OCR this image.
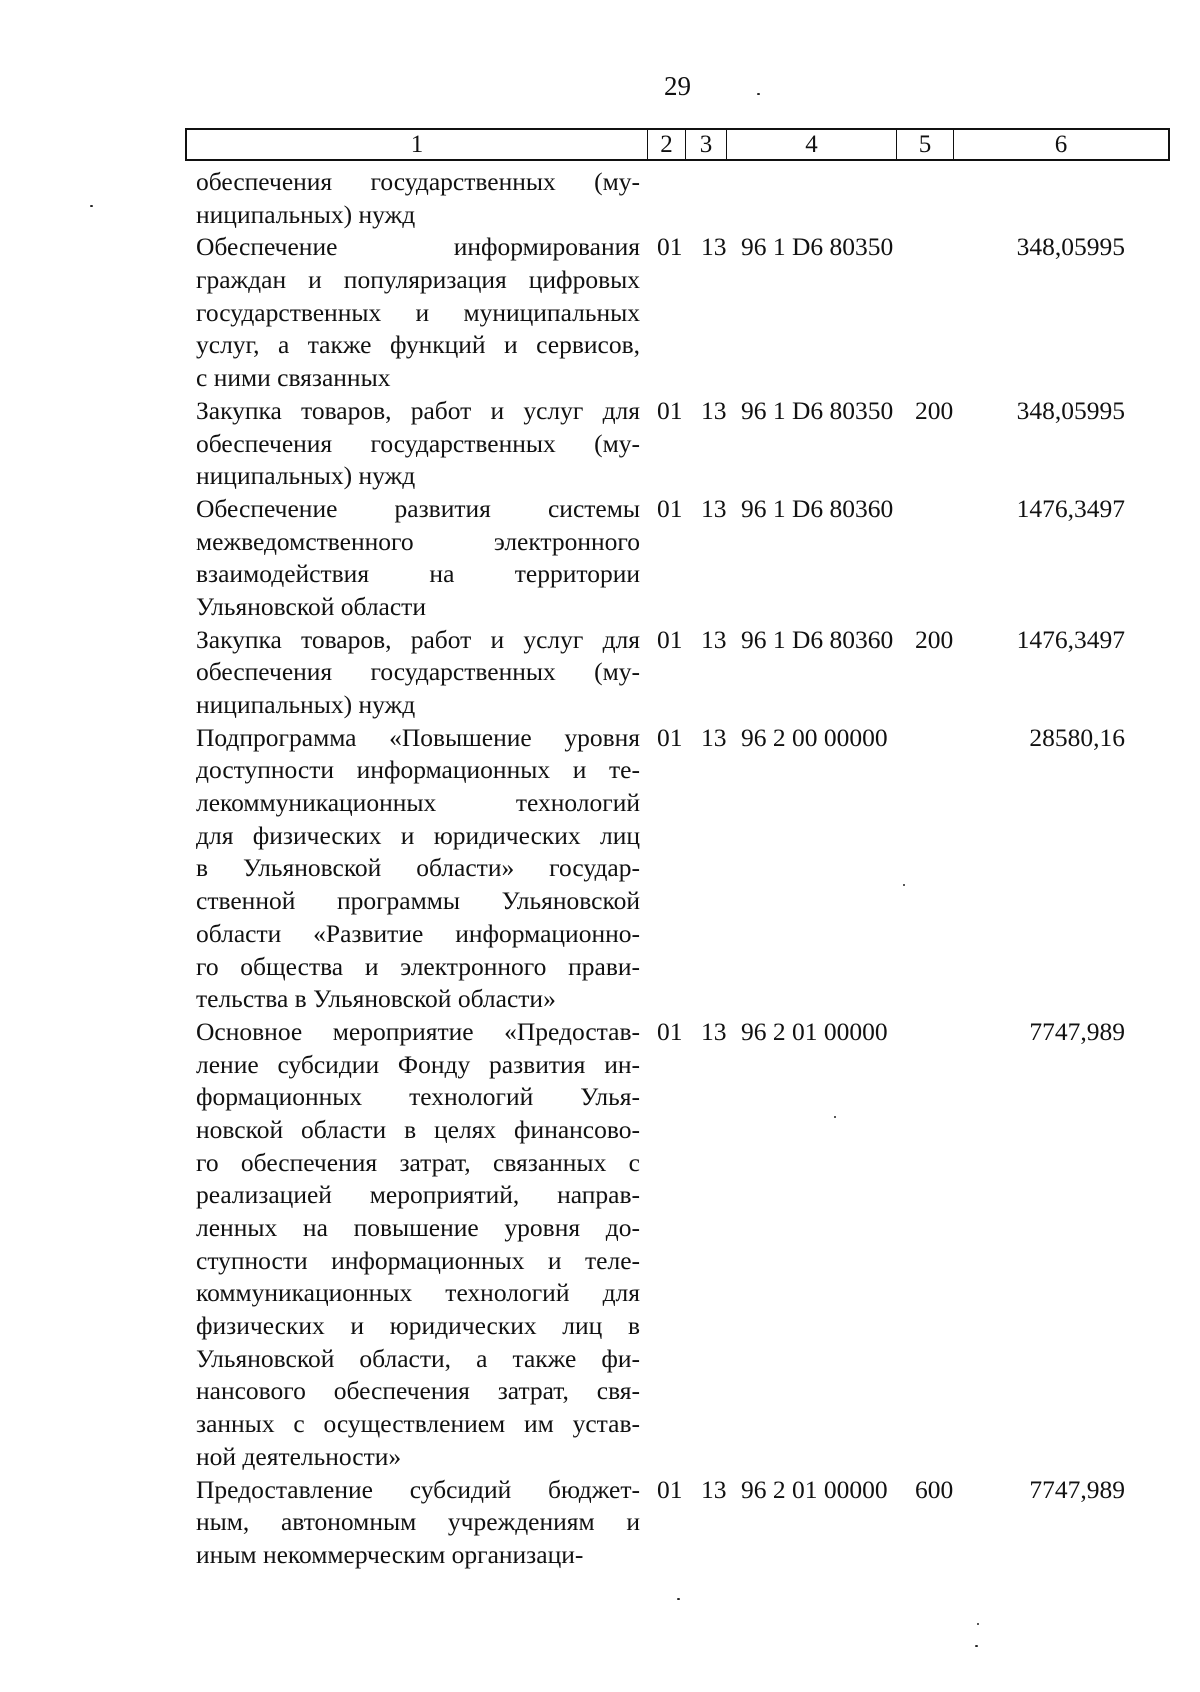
29
1	2	3	4	5	6
обеспечения государственных (му-
ниципальных) нужд
Обеспечение информирования
граждан и популяризация цифровых
государственных и муниципальных
услуг, а также функций и сервисов,
с ними связанных
01 13 96 1 D6 80350	348,05995
Закупка товаров, работ и услуг для
обеспечения государственных (му-
ниципальных) нужд
01 13 96 1 D6 80350 200 348,05995
Обеспечение развития системы
межведомственного электронного
взаимодействия на территории
Ульяновской области
01 13 96 1 D6 80360	1476,3497
Закупка товаров, работ и услуг для
обеспечения государственных (му-
ниципальных) нужд
01 13 96 1 D6 80360 200 1476,3497
Подпрограмма «Повышение уровня
доступности информационных и те-
лекоммуникационных технологий
для физических и юридических лиц
в Ульяновской области» государ-
ственной программы Ульяновской
области «Развитие информационно-
го общества и электронного прави-
тельства в Ульяновской области»
01 13 96 2 00 00000	28580,16
Основное мероприятие «Предостав-
ление субсидии Фонду развития ин-
формационных технологий Улья-
новской области в целях финансово-
го обеспечения затрат, связанных с
реализацией мероприятий, направ-
ленных на повышение уровня до-
ступности информационных и теле-
коммуникационных технологий для
физических и юридических лиц в
Ульяновской области, а также фи-
нансового обеспечения затрат, свя-
занных с осуществлением им устав-
ной деятельности»
01 13 96 2 01 00000	7747,989
Предоставление субсидий бюджет-
ным, автономным учреждениям и
иным некоммерческим организаци-
01 13 96 2 01 00000 600	7747,989
